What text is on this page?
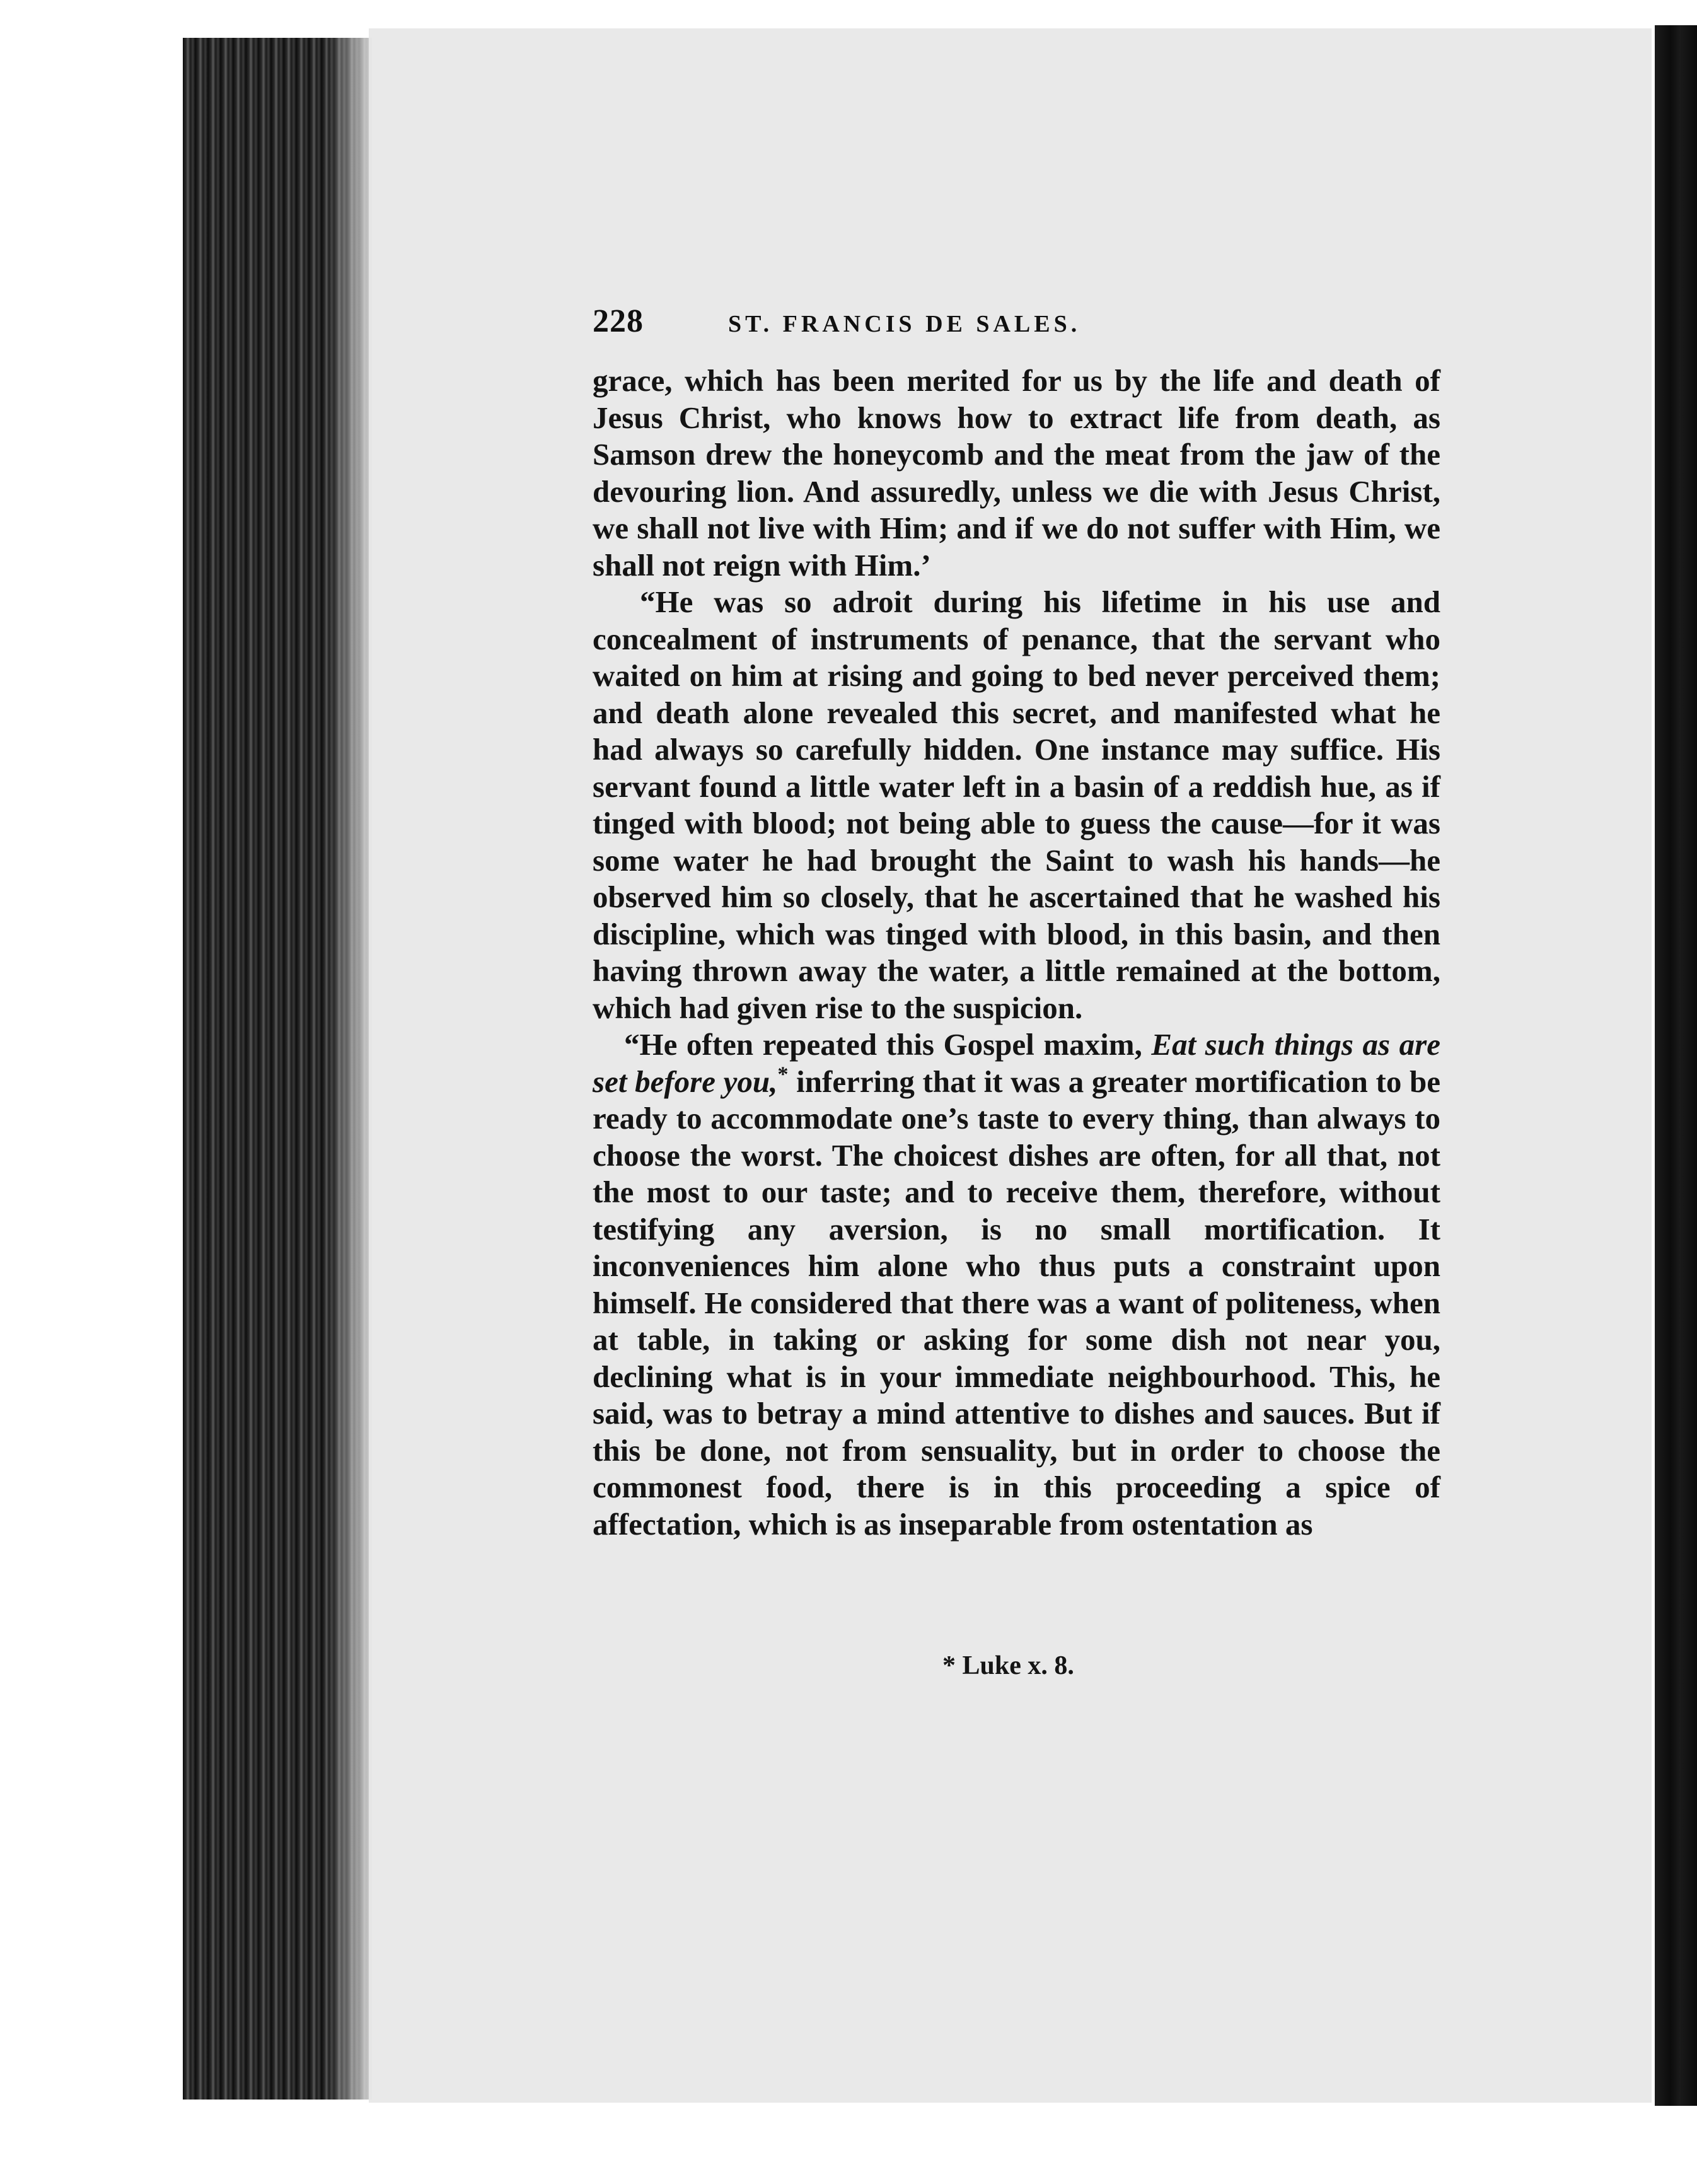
228	ST. FRANCIS DE SALES.

grace, which has been merited for us by the life and death of Jesus Christ, who knows how to extract life from death, as Samson drew the honeycomb and the meat from the jaw of the devouring lion. And assuredly, unless we die with Jesus Christ, we shall not live with Him; and if we do not suffer with Him, we shall not reign with Him.’

“He was so adroit during his lifetime in his use and concealment of instruments of penance, that the servant who waited on him at rising and going to bed never perceived them; and death alone revealed this secret, and manifested what he had always so carefully hidden. One instance may suffice. His servant found a little water left in a basin of a reddish hue, as if tinged with blood; not being able to guess the cause—for it was some water he had brought the Saint to wash his hands—he observed him so closely, that he ascertained that he washed his discipline, which was tinged with blood, in this basin, and then having thrown away the water, a little remained at the bottom, which had given rise to the suspicion.

“He often repeated this Gospel maxim, Eat such things as are set before you,* inferring that it was a greater mortification to be ready to accommodate one’s taste to every thing, than always to choose the worst. The choicest dishes are often, for all that, not the most to our taste; and to receive them, therefore, without testifying any aversion, is no small mortification. It inconveniences him alone who thus puts a constraint upon himself. He considered that there was a want of politeness, when at table, in taking or asking for some dish not near you, declining what is in your immediate neighbourhood. This, he said, was to betray a mind attentive to dishes and sauces. But if this be done, not from sensuality, but in order to choose the commonest food, there is in this proceeding a spice of affectation, which is as inseparable from ostentation as

* Luke x. 8.
